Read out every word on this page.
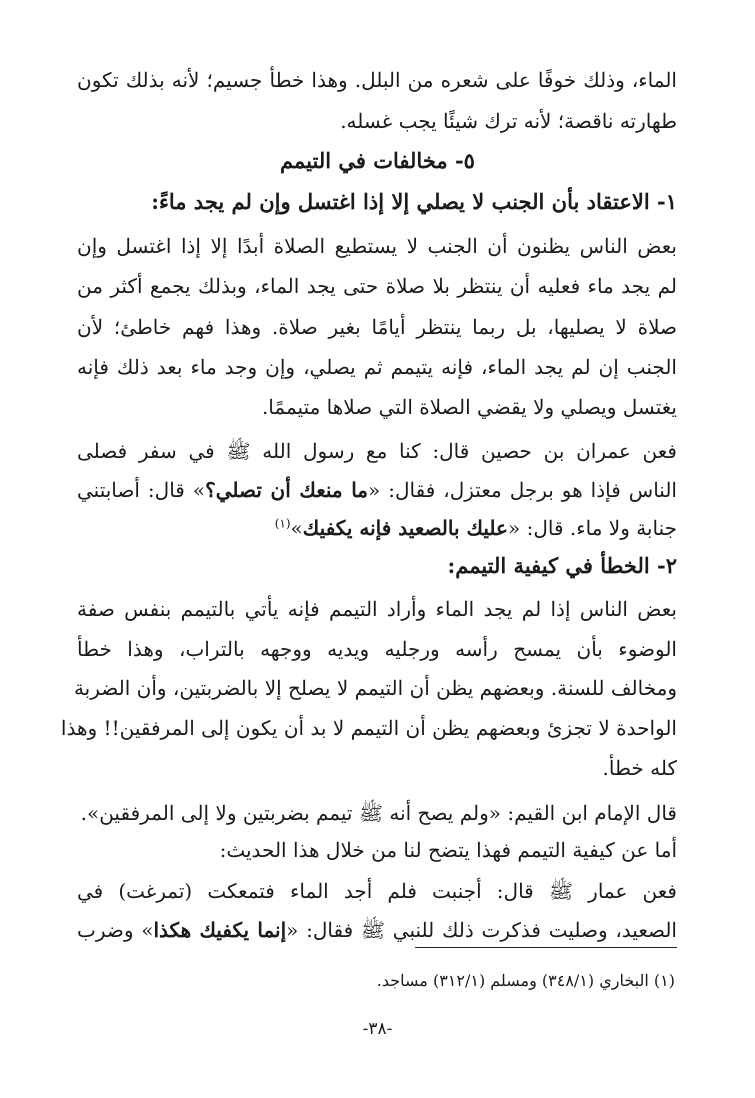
الماء، وذلك خوفًا على شعره من البلل. وهذا خطأ جسيم؛ لأنه بذلك تكون
طهارته ناقصة؛ لأنه ترك شيئًا يجب غسله.
٥- مخالفات في التيمم
١- الاعتقاد بأن الجنب لا يصلي إلا إذا اغتسل وإن لم يجد ماءً:
بعض الناس يظنون أن الجنب لا يستطيع الصلاة أبدًا إلا إذا اغتسل وإن
لم يجد ماء فعليه أن ينتظر بلا صلاة حتى يجد الماء، وبذلك يجمع أكثر من
صلاة لا يصليها، بل ربما ينتظر أيامًا بغير صلاة. وهذا فهم خاطئ؛ لأن
الجنب إن لم يجد الماء، فإنه يتيمم ثم يصلي، وإن وجد ماء بعد ذلك فإنه
يغتسل ويصلي ولا يقضي الصلاة التي صلاها متيممًا.
فعن عمران بن حصين قال: كنا مع رسول الله ﷺ في سفر فصلى
الناس فإذا هو برجل معتزل، فقال: «ما منعك أن تصلي؟» قال: أصابتني
جنابة ولا ماء. قال: «عليك بالصعيد فإنه يكفيك»$^{(١)}$
٢- الخطأ في كيفية التيمم:
بعض الناس إذا لم يجد الماء وأراد التيمم فإنه يأتي بالتيمم بنفس صفة
الوضوء بأن يمسح رأسه ورجليه ويديه ووجهه بالتراب، وهذا خطأ
ومخالف للسنة. وبعضهم يظن أن التيمم لا يصلح إلا بالضربتين، وأن الضربة
الواحدة لا تجزئ وبعضهم يظن أن التيمم لا بد أن يكون إلى المرفقين!! وهذا
كله خطأ.
قال الإمام ابن القيم: «ولم يصح أنه ﷺ تيمم بضربتين ولا إلى المرفقين».
أما عن كيفية التيمم فهذا يتضح لنا من خلال هذا الحديث:
فعن عمار ﷺ قال: أجنبت فلم أجد الماء فتمعكت (تمرغت) في
الصعيد، وصليت فذكرت ذلك للنبي ﷺ فقال: «إنما يكفيك هكذا» وضرب
(١) البخاري (٣٤٨/١) ومسلم (٣١٢/١) مساجد.
-٣٨-
